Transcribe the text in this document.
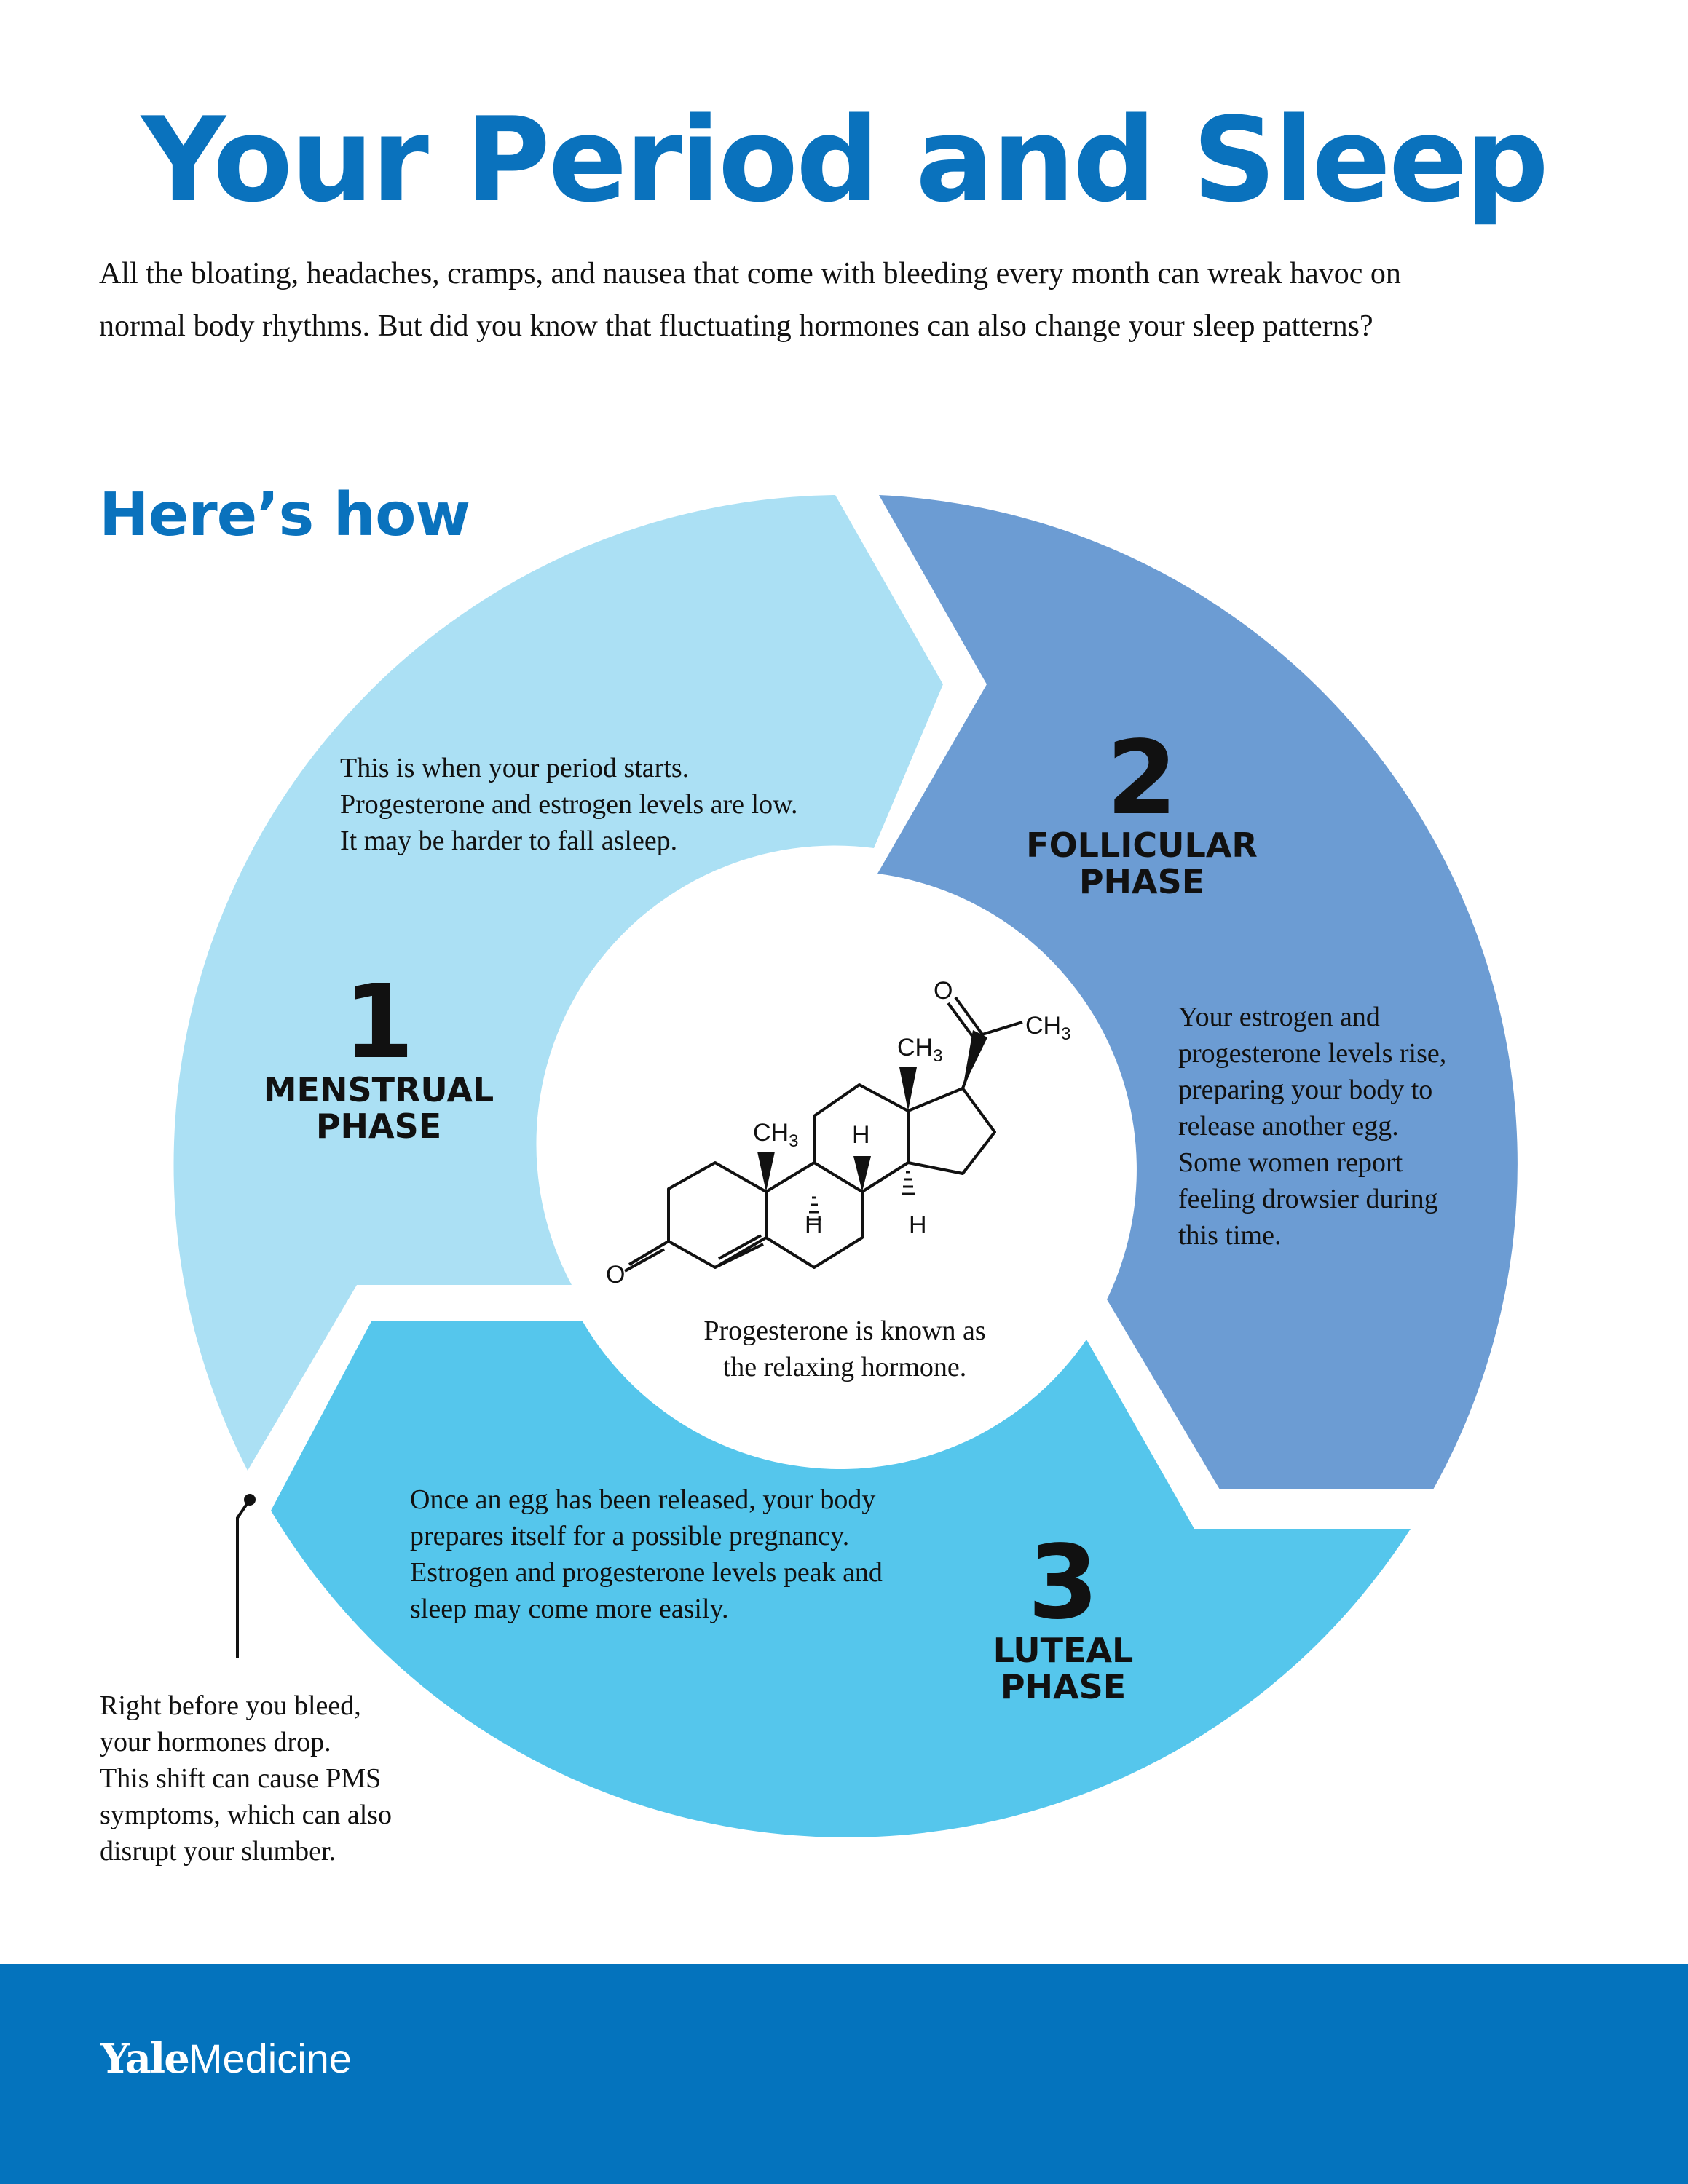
Your Period and Sleep
All the bloating, headaches, cramps, and nausea that come with bleeding every month can wreak havoc on
normal body rhythms. But did you know that fluctuating hormones can also change your sleep patterns?
Here’s how
O
$CH_3$
$CH_3$
$CH_3$ H
H	H
O
This is when your period starts.
Progesterone and estrogen levels are low.
It may be harder to fall asleep.
1
MENSTRUAL
PHASE
2
FOLLICULAR
PHASE
Your estrogen and
progesterone levels rise,
preparing your body to
release another egg.
Some women report
feeling drowsier during
this time.
Once an egg has been released, your body
prepares itself for a possible pregnancy.
Estrogen and progesterone levels peak and
sleep may come more easily.	3
LUTEAL
PHASE
Progesterone is known as
the relaxing hormone.
Right before you bleed,
your hormones drop.
This shift can cause PMS
symptoms, which can also
disrupt your slumber.
YaleMedicine
